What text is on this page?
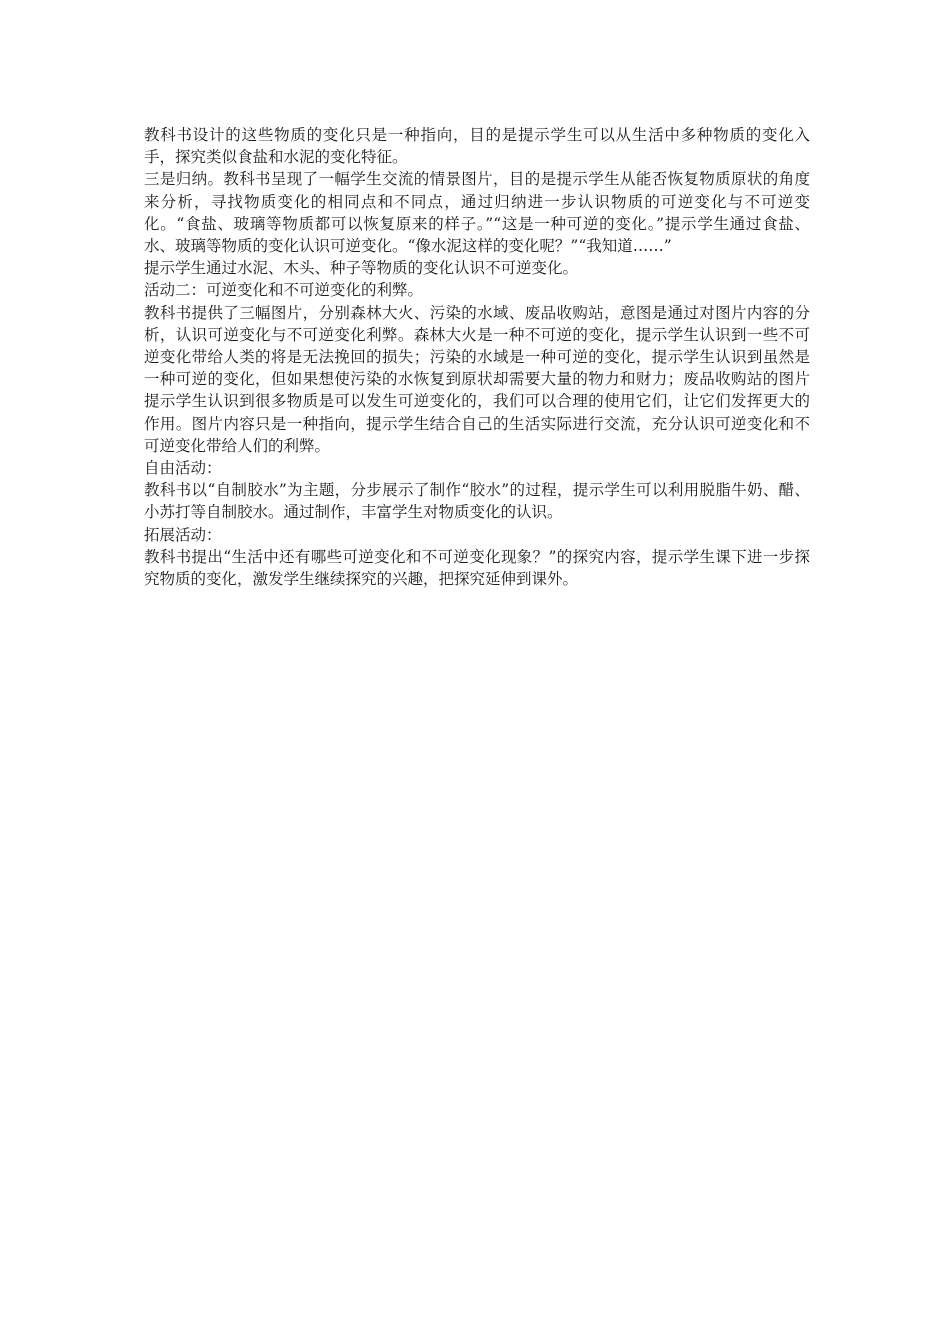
教科书设计的这些物质的变化只是一种指向，目的是提示学生可以从生活中多种物质的变化入手，探究类似食盐和水泥的变化特征。

三是归纳。教科书呈现了一幅学生交流的情景图片，目的是提示学生从能否恢复物质原状的角度来分析，寻找物质变化的相同点和不同点，通过归纳进一步认识物质的可逆变化与不可逆变化。“食盐、玻璃等物质都可以恢复原来的样子。”“这是一种可逆的变化。”提示学生通过食盐、水、玻璃等物质的变化认识可逆变化。“像水泥这样的变化呢？”“我知道……”

提示学生通过水泥、木头、种子等物质的变化认识不可逆变化。

活动二：可逆变化和不可逆变化的利弊。

教科书提供了三幅图片，分别森林大火、污染的水域、废品收购站，意图是通过对图片内容的分析，认识可逆变化与不可逆变化利弊。森林大火是一种不可逆的变化，提示学生认识到一些不可逆变化带给人类的将是无法挽回的损失；污染的水域是一种可逆的变化，提示学生认识到虽然是一种可逆的变化，但如果想使污染的水恢复到原状却需要大量的物力和财力；废品收购站的图片提示学生认识到很多物质是可以发生可逆变化的，我们可以合理的使用它们，让它们发挥更大的作用。图片内容只是一种指向，提示学生结合自己的生活实际进行交流，充分认识可逆变化和不可逆变化带给人们的利弊。

自由活动：

教科书以“自制胶水”为主题，分步展示了制作“胶水”的过程，提示学生可以利用脱脂牛奶、醋、小苏打等自制胶水。通过制作，丰富学生对物质变化的认识。

拓展活动：

教科书提出“生活中还有哪些可逆变化和不可逆变化现象？”的探究内容，提示学生课下进一步探究物质的变化，激发学生继续探究的兴趣，把探究延伸到课外。
